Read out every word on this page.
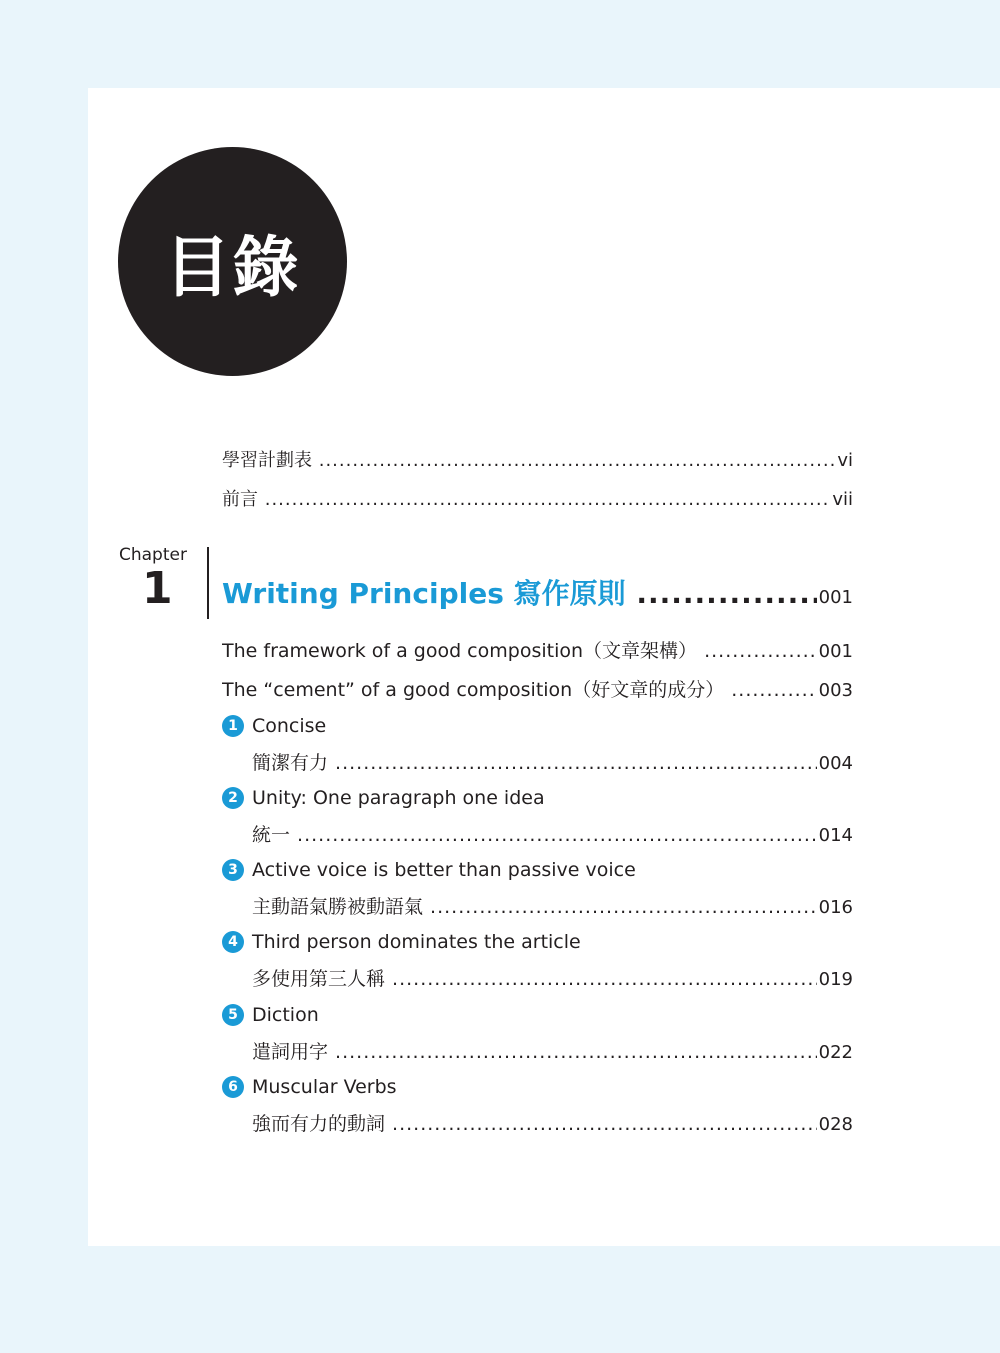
目錄
學習計劃表 .....	vi
前言 .....	vii
Chapter
1 Writing Principles 寫作原則 .....	001
The framework of a good composition（文章架構） .....	001
The “cement” of a good composition（好文章的成分） .....	003
1 Concise
簡潔有力 .....	004
2 Unity: One paragraph one idea
統一 .....	014
3 Active voice is better than passive voice
主動語氣勝被動語氣 .....	016
4 Third person dominates the article
多使用第三人稱 .....	019
5 Diction
遣詞用字 .....	022
6 Muscular Verbs
強而有力的動詞 .....	028
